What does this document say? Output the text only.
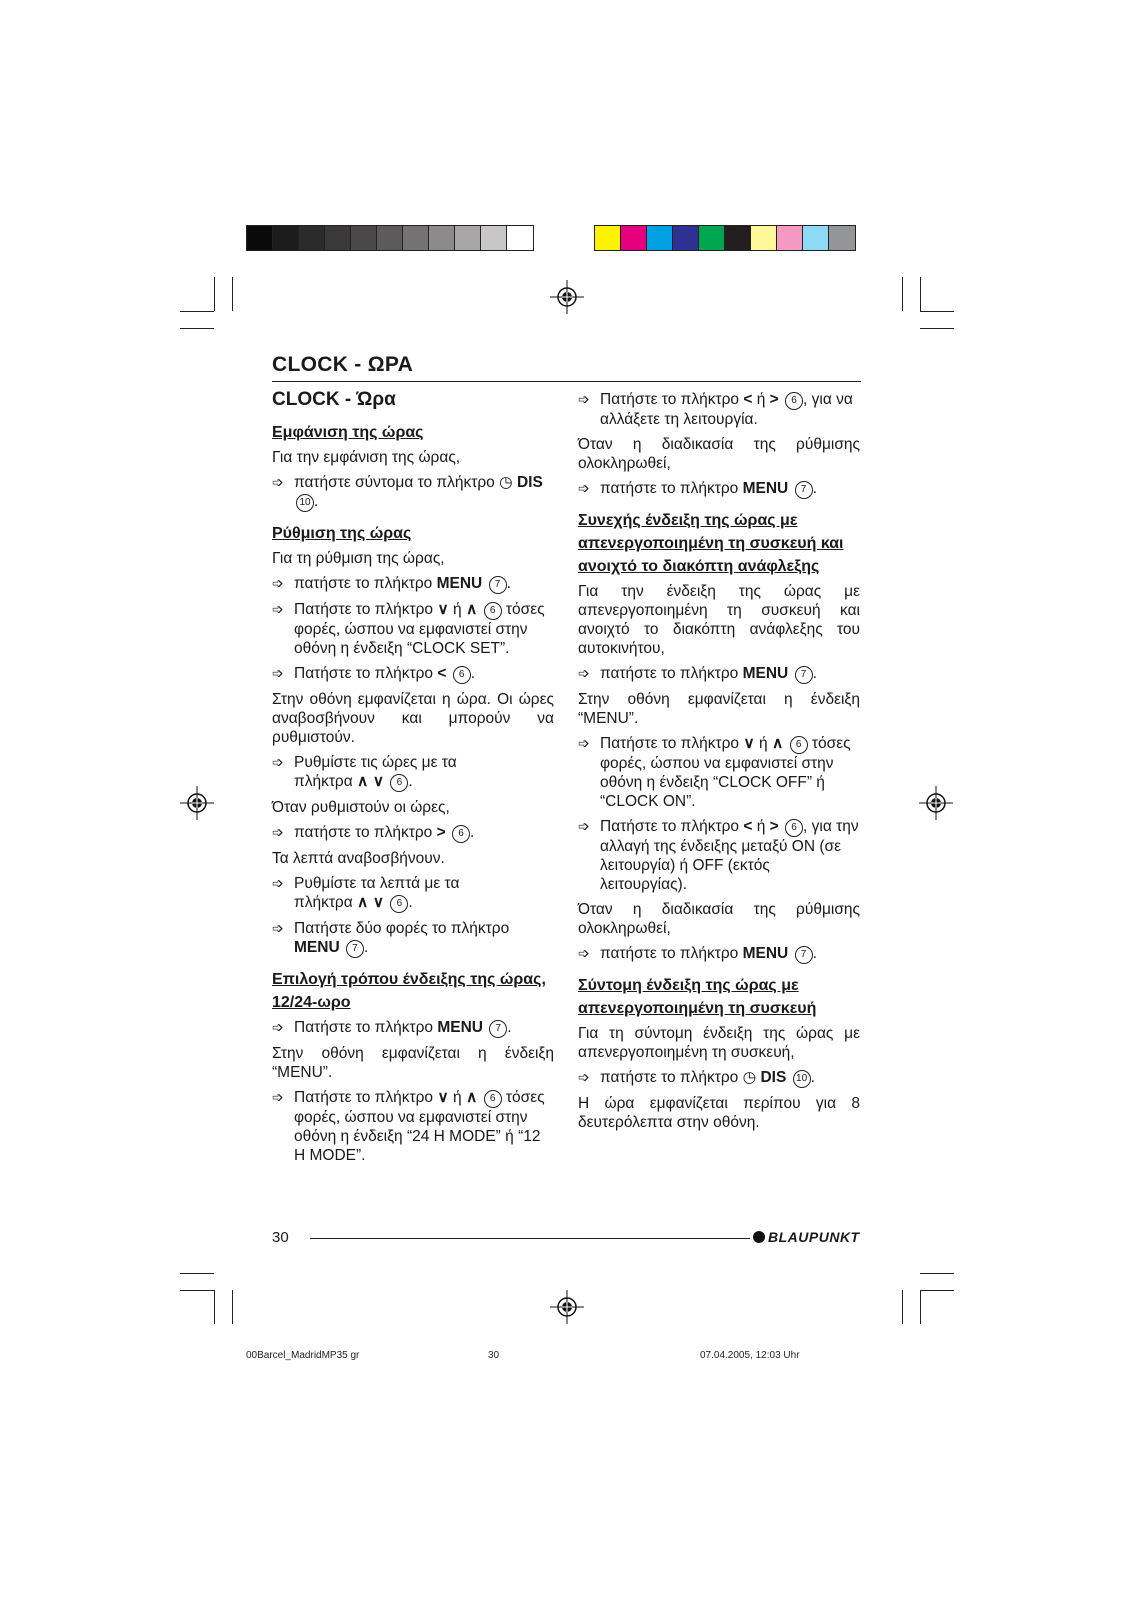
CLOCK - ΩΡΑ
CLOCK - Ώρα
Εμφάνιση της ώρας
Για την εμφάνιση της ώρας,
➩ πατήστε σύντομα το πλήκτρο ◷ DIS 10 .
Ρύθμιση της ώρας
Για τη ρύθμιση της ώρας,
➩ πατήστε το πλήκτρο MENU 7 .
➩ Πατήστε το πλήκτρο ∨ ή ∧ 6 τόσες φορές, ώσπου να εμφανιστεί στην οθόνη η ένδειξη “CLOCK SET”.
➩ Πατήστε το πλήκτρο < 6 .
Στην οθόνη εμφανίζεται η ώρα. Οι ώρες αναβοσβήνουν και μπορούν να ρυθμιστούν.
➩ Ρυθμίστε τις ώρες με τα
πλήκτρα ∧ ∨ 6 .
Όταν ρυθμιστούν οι ώρες,
➩ πατήστε το πλήκτρο > 6 .
Τα λεπτά αναβοσβήνουν.
➩ Ρυθμίστε τα λεπτά με τα
πλήκτρα ∧ ∨ 6 .
➩ Πατήστε δύο φορές το πλήκτρο MENU 7 .
Επιλογή τρόπου ένδειξης της ώρας, 12/24-ωρο
➩ Πατήστε το πλήκτρο MENU 7 .
Στην οθόνη εμφανίζεται η ένδειξη “MENU”.
➩ Πατήστε το πλήκτρο ∨ ή ∧ 6 τόσες φορές, ώσπου να εμφανιστεί στην οθόνη η ένδειξη “24 H MODE” ή “12 H MODE”.
➩ Πατήστε το πλήκτρο < ή > 6 , για να αλλάξετε τη λειτουργία.
Όταν η διαδικασία της ρύθμισης ολοκληρωθεί,
➩ πατήστε το πλήκτρο MENU 7 .
Συνεχής ένδειξη της ώρας με απενεργοποιημένη τη συσκευή και ανοιχτό το διακόπτη ανάφλεξης
Για την ένδειξη της ώρας με απενεργοποιημένη τη συσκευή και ανοιχτό το διακόπτη ανάφλεξης του αυτοκινήτου,
➩ πατήστε το πλήκτρο MENU 7 .
Στην οθόνη εμφανίζεται η ένδειξη “MENU”.
➩ Πατήστε το πλήκτρο ∨ ή ∧ 6 τόσες φορές, ώσπου να εμφανιστεί στην οθόνη η ένδειξη “CLOCK OFF” ή “CLOCK ON”.
➩ Πατήστε το πλήκτρο < ή > 6 , για την αλλαγή της ένδειξης μεταξύ ON (σε λειτουργία) ή OFF (εκτός λειτουργίας).
Όταν η διαδικασία της ρύθμισης ολοκληρωθεί,
➩ πατήστε το πλήκτρο MENU 7 .
Σύντομη ένδειξη της ώρας με απενεργοποιημένη τη συσκευή
Για τη σύντομη ένδειξη της ώρας με απενεργοποιημένη τη συσκευή,
➩ πατήστε το πλήκτρο ◷ DIS 10 .
Η ώρα εμφανίζεται περίπου για 8 δευτερόλεπτα στην οθόνη.
30	BLAUPUNKT
00Barcel_MadridMP35 gr	30	07.04.2005, 12:03 Uhr
